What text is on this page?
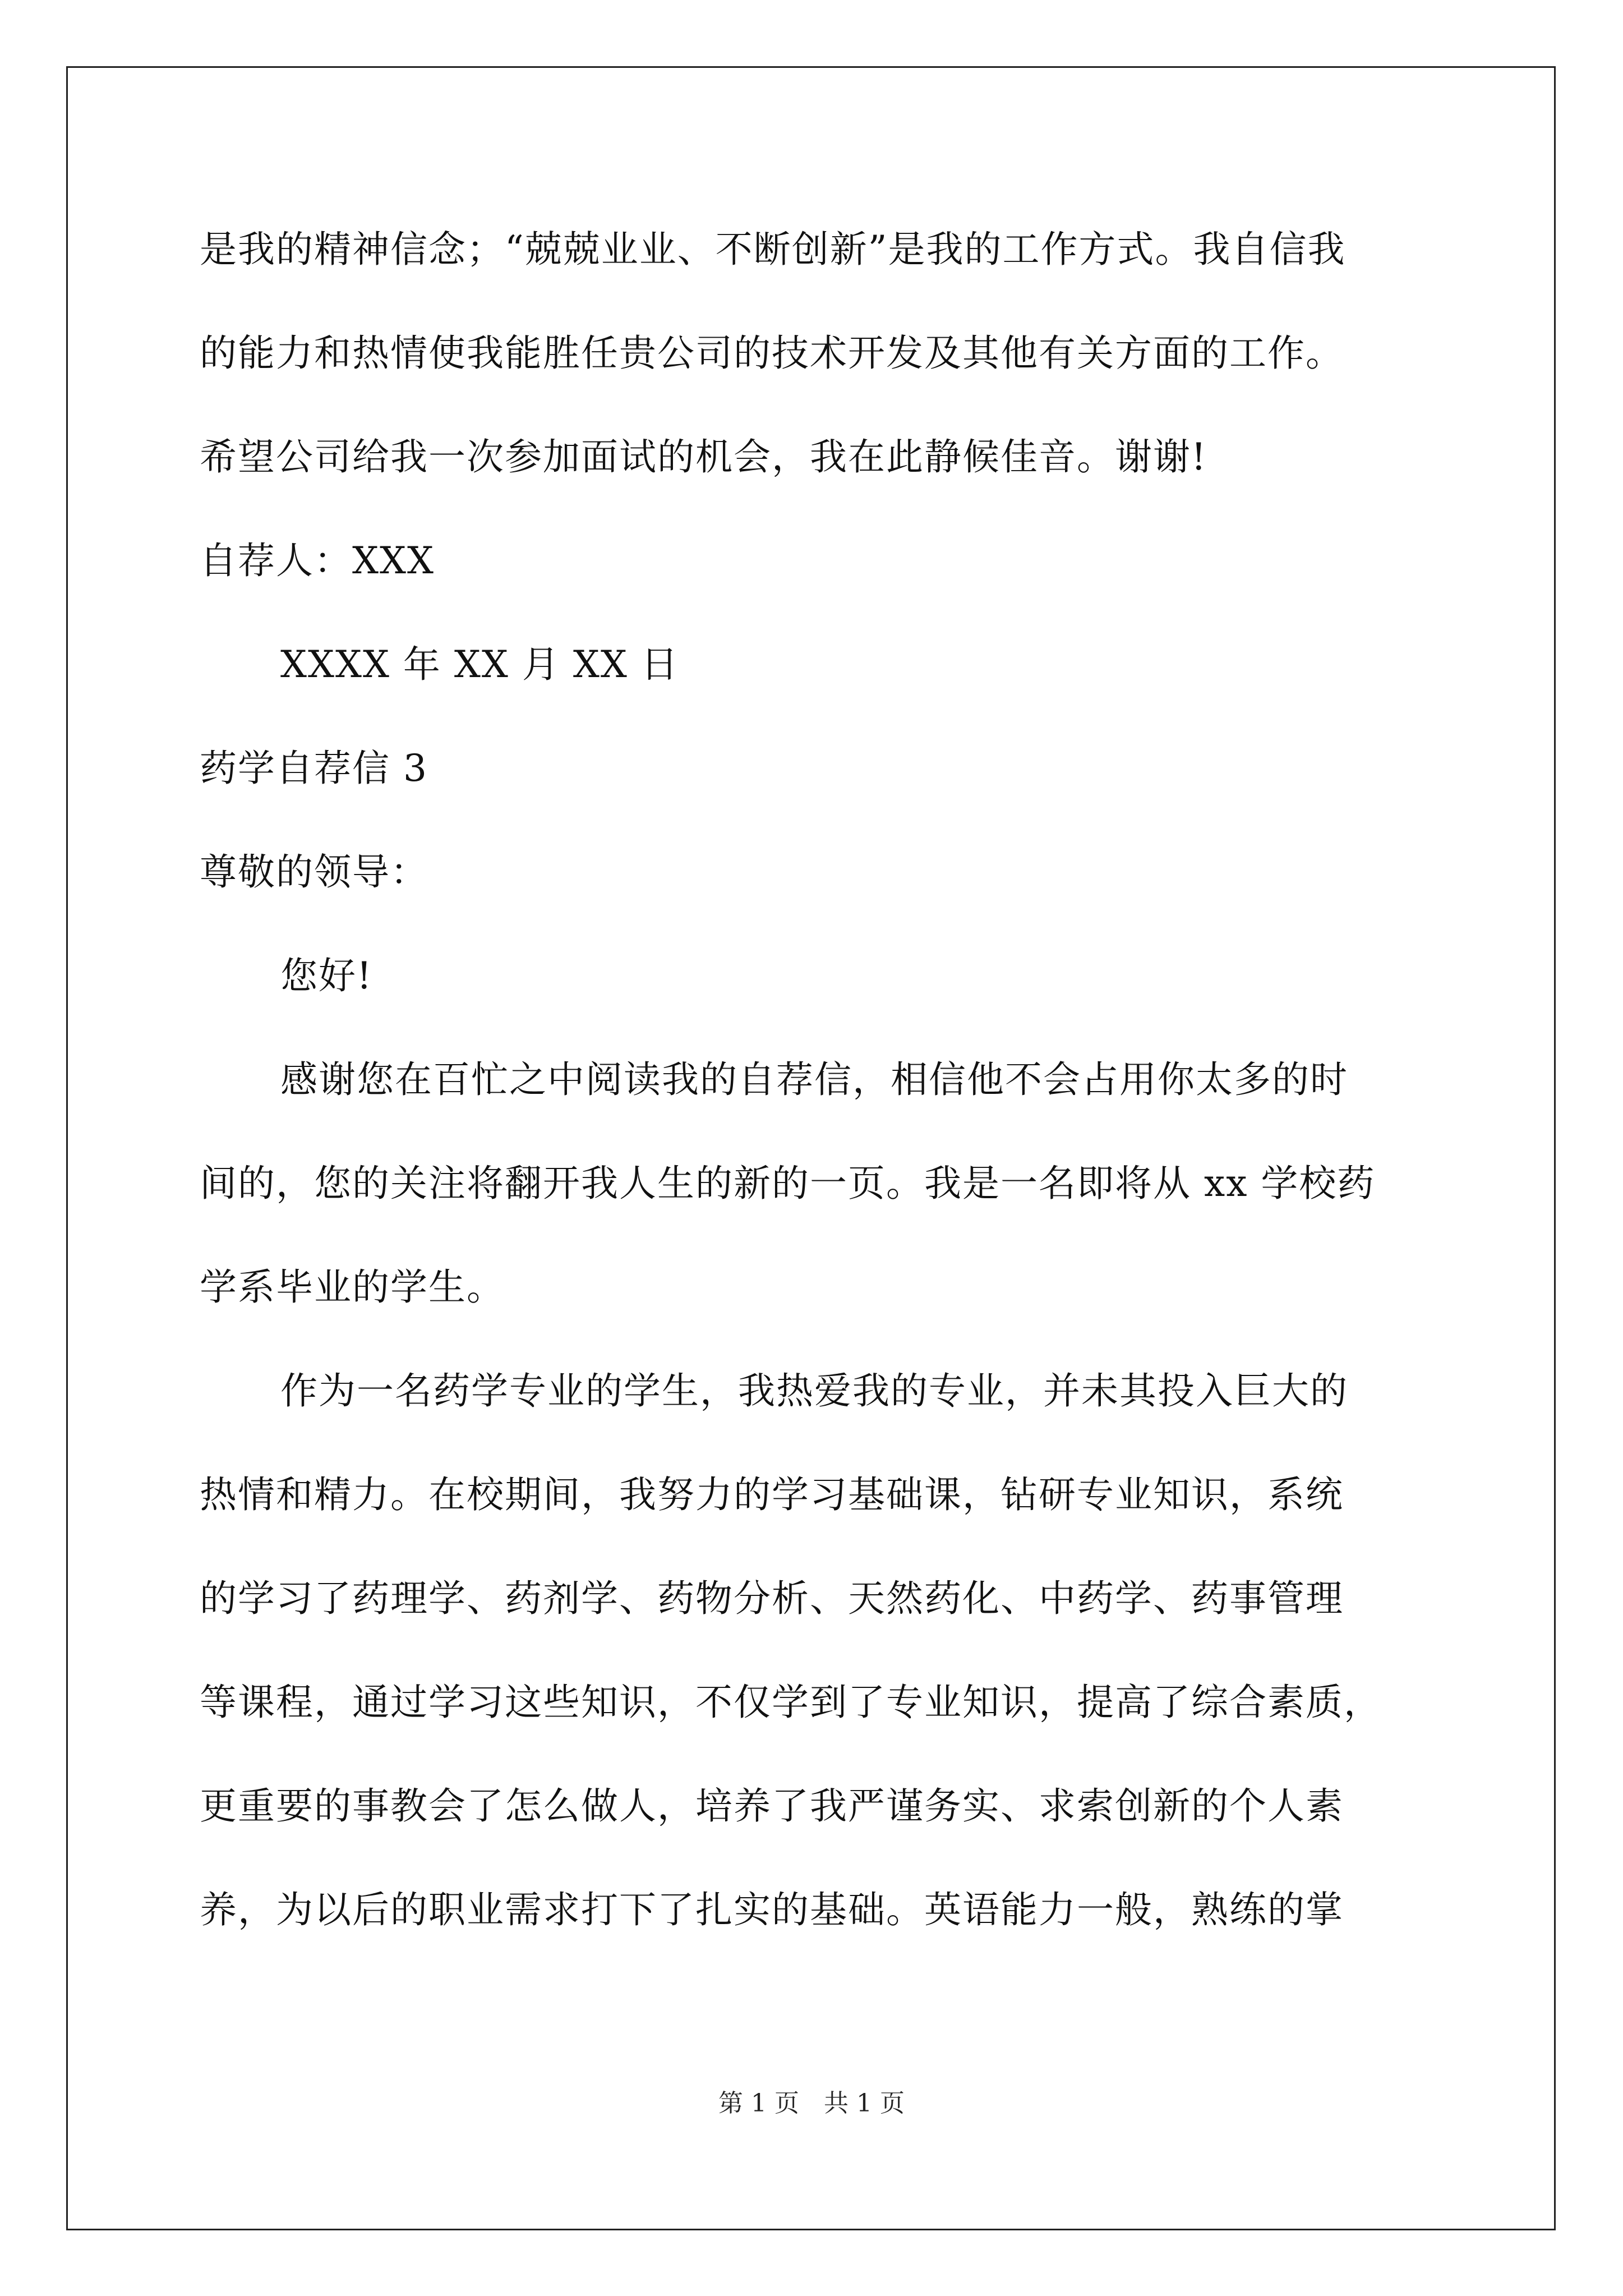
是我的精神信念；“兢兢业业、不断创新”是我的工作方式。我自信我
的能力和热情使我能胜任贵公司的技术开发及其他有关方面的工作。
希望公司给我一次参加面试的机会，我在此静候佳音。谢谢!
自荐人：XXX
XXXX 年 XX 月 XX 日
药学自荐信 3
尊敬的领导：
您好!
感谢您在百忙之中阅读我的自荐信，相信他不会占用你太多的时
间的，您的关注将翻开我人生的新的一页。我是一名即将从 xx 学校药
学系毕业的学生。
作为一名药学专业的学生，我热爱我的专业，并未其投入巨大的
热情和精力。在校期间，我努力的学习基础课，钻研专业知识，系统
的学习了药理学、药剂学、药物分析、天然药化、中药学、药事管理
等课程，通过学习这些知识，不仅学到了专业知识，提高了综合素质，
更重要的事教会了怎么做人，培养了我严谨务实、求索创新的个人素
养，为以后的职业需求打下了扎实的基础。英语能力一般，熟练的掌
第 1 页　共 1 页
